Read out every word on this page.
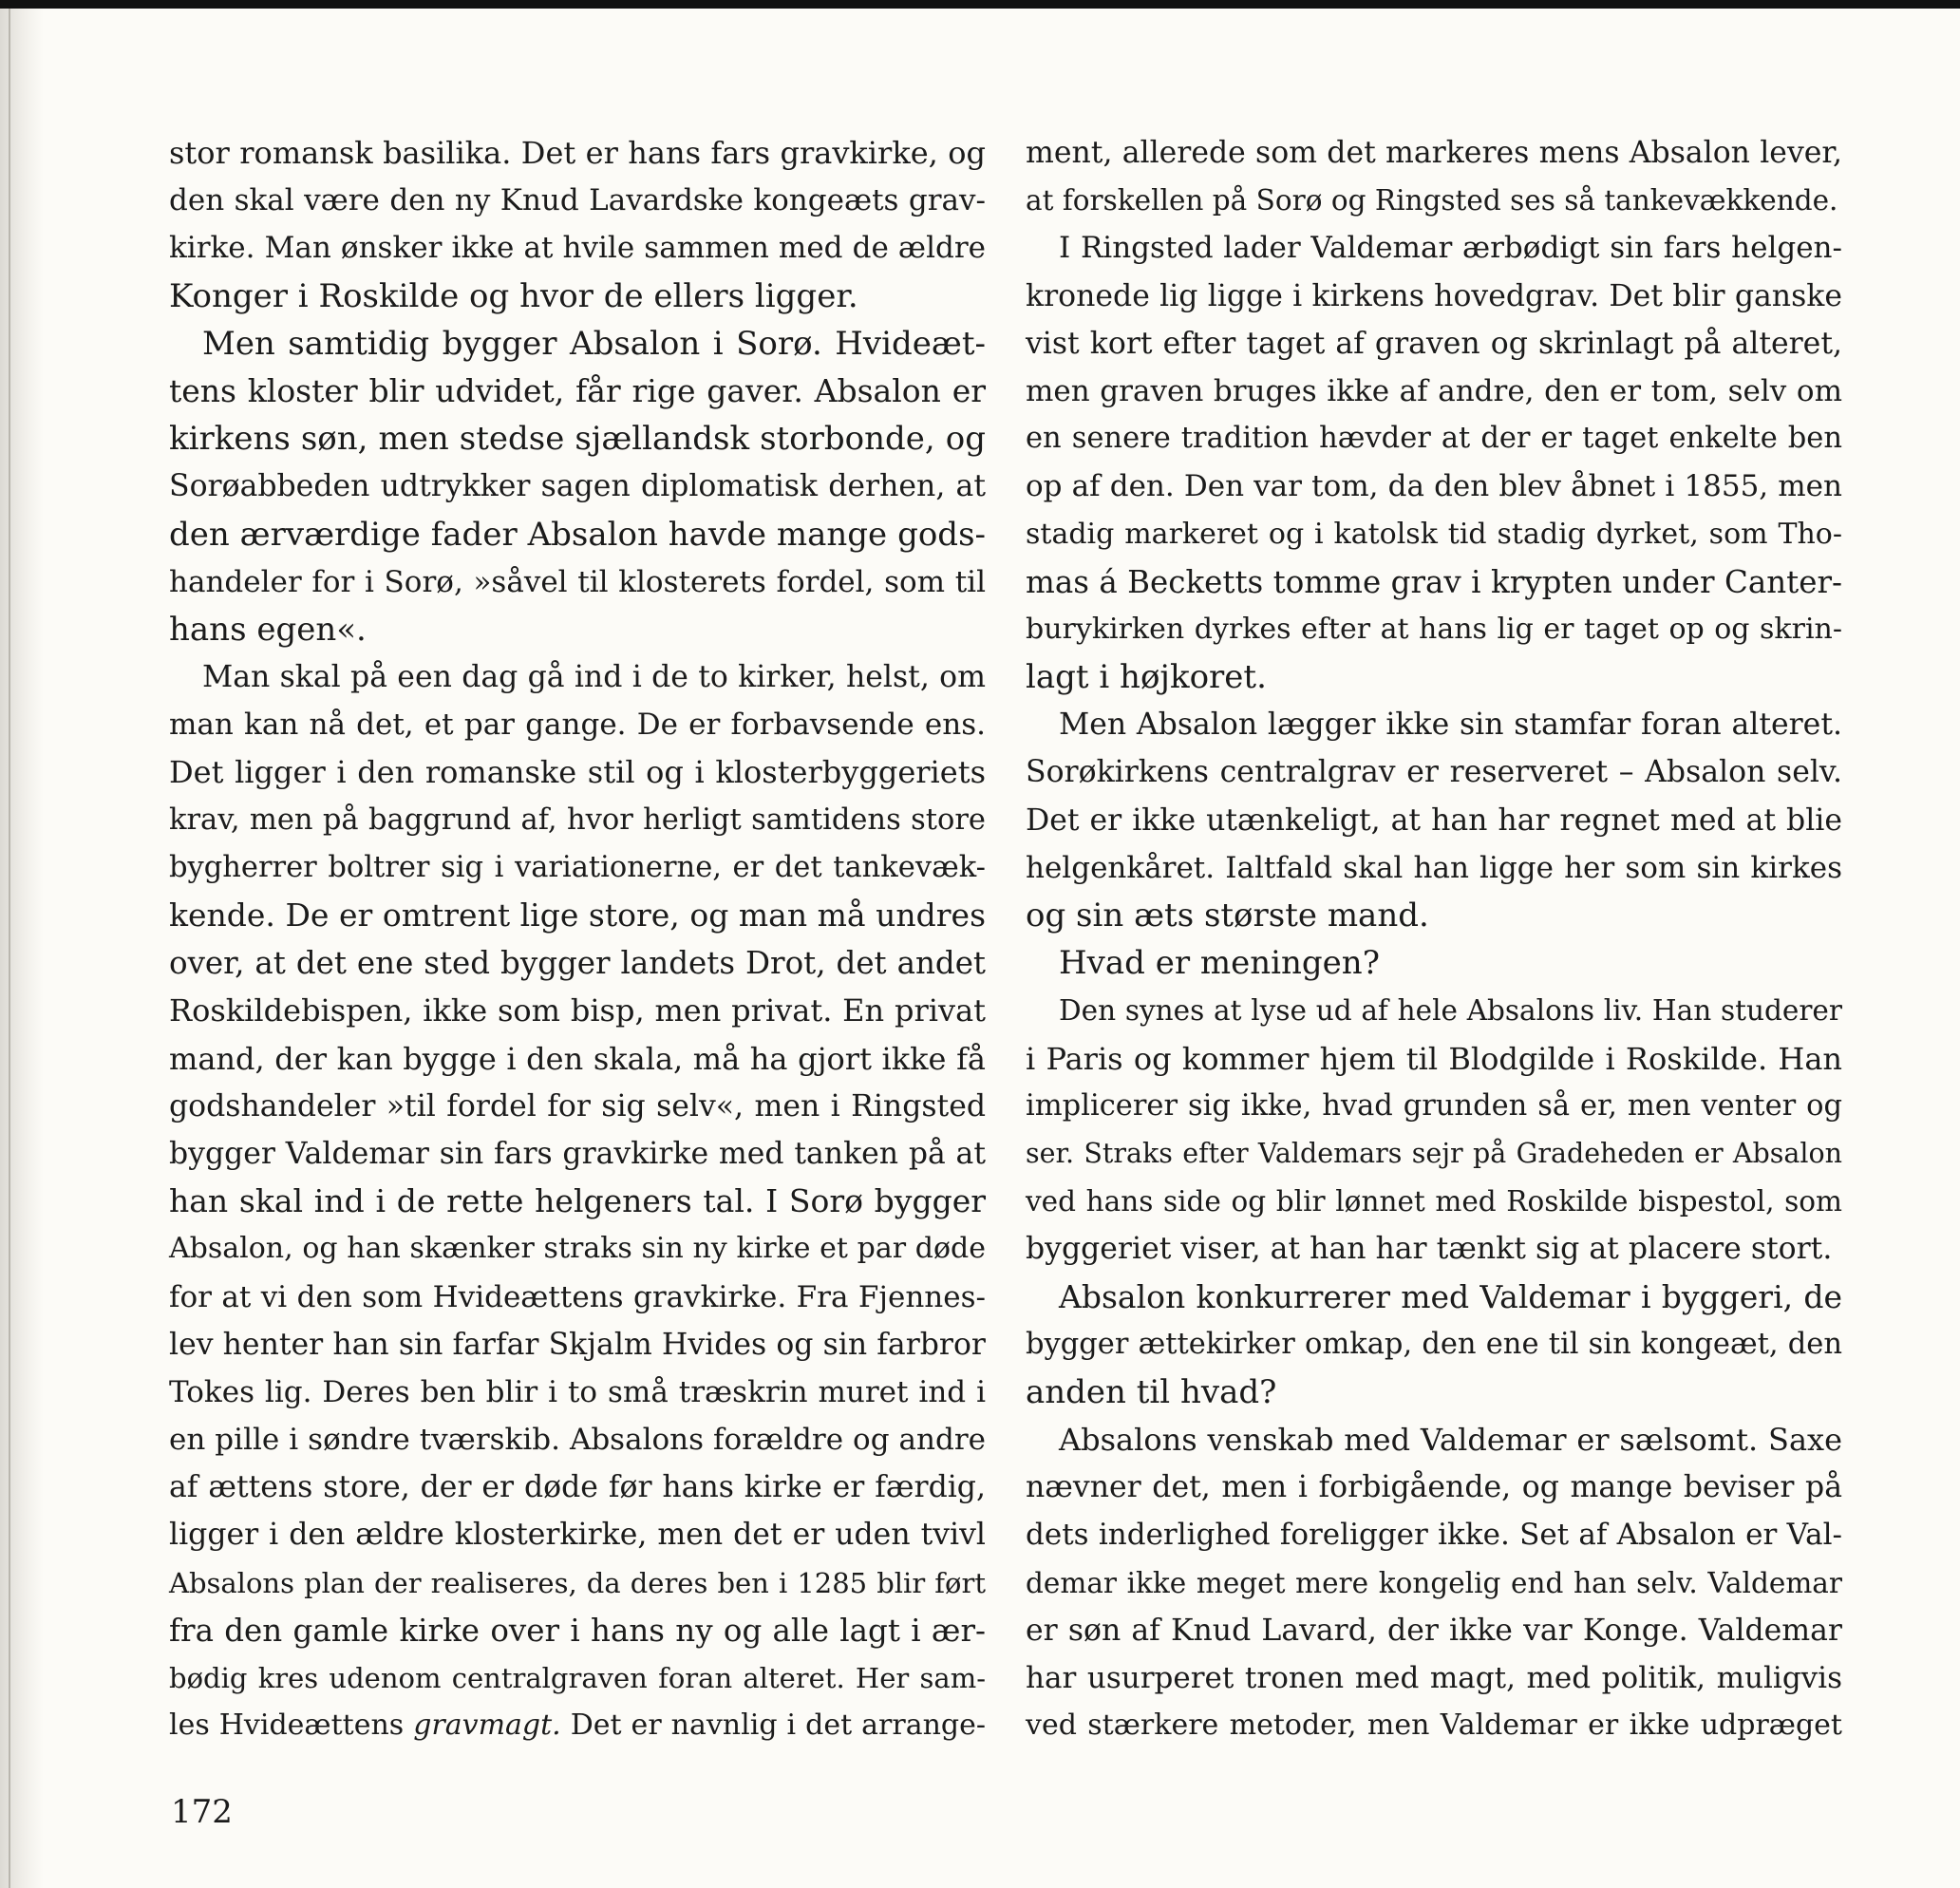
stor romansk basilika. Det er hans fars gravkirke, og
den skal være den ny Knud Lavardske kongeæts grav-
kirke. Man ønsker ikke at hvile sammen med de ældre
Konger i Roskilde og hvor de ellers ligger.
Men samtidig bygger Absalon i Sorø. Hvideæt-
tens kloster blir udvidet, får rige gaver. Absalon er
kirkens søn, men stedse sjællandsk storbonde, og
Sorøabbeden udtrykker sagen diplomatisk derhen, at
den ærværdige fader Absalon havde mange gods-
handeler for i Sorø, »såvel til klosterets fordel, som til
hans egen«.
Man skal på een dag gå ind i de to kirker, helst, om
man kan nå det, et par gange. De er forbavsende ens.
Det ligger i den romanske stil og i klosterbyggeriets
krav, men på baggrund af, hvor herligt samtidens store
bygherrer boltrer sig i variationerne, er det tankevæk-
kende. De er omtrent lige store, og man må undres
over, at det ene sted bygger landets Drot, det andet
Roskildebispen, ikke som bisp, men privat. En privat
mand, der kan bygge i den skala, må ha gjort ikke få
godshandeler »til fordel for sig selv«, men i Ringsted
bygger Valdemar sin fars gravkirke med tanken på at
han skal ind i de rette helgeners tal. I Sorø bygger
Absalon, og han skænker straks sin ny kirke et par døde
for at vi den som Hvideættens gravkirke. Fra Fjennes-
lev henter han sin farfar Skjalm Hvides og sin farbror
Tokes lig. Deres ben blir i to små træskrin muret ind i
en pille i søndre tværskib. Absalons forældre og andre
af ættens store, der er døde før hans kirke er færdig,
ligger i den ældre klosterkirke, men det er uden tvivl
Absalons plan der realiseres, da deres ben i 1285 blir ført
fra den gamle kirke over i hans ny og alle lagt i ær-
bødig kres udenom centralgraven foran alteret. Her sam-
les Hvideættens gravmagt. Det er navnlig i det arrange-
ment, allerede som det markeres mens Absalon lever,
at forskellen på Sorø og Ringsted ses så tankevækkende.
I Ringsted lader Valdemar ærbødigt sin fars helgen-
kronede lig ligge i kirkens hovedgrav. Det blir ganske
vist kort efter taget af graven og skrinlagt på alteret,
men graven bruges ikke af andre, den er tom, selv om
en senere tradition hævder at der er taget enkelte ben
op af den. Den var tom, da den blev åbnet i 1855, men
stadig markeret og i katolsk tid stadig dyrket, som Tho-
mas á Becketts tomme grav i krypten under Canter-
burykirken dyrkes efter at hans lig er taget op og skrin-
lagt i højkoret.
Men Absalon lægger ikke sin stamfar foran alteret.
Sorøkirkens centralgrav er reserveret – Absalon selv.
Det er ikke utænkeligt, at han har regnet med at blie
helgenkåret. Ialtfald skal han ligge her som sin kirkes
og sin æts største mand.
Hvad er meningen?
Den synes at lyse ud af hele Absalons liv. Han studerer
i Paris og kommer hjem til Blodgilde i Roskilde. Han
implicerer sig ikke, hvad grunden så er, men venter og
ser. Straks efter Valdemars sejr på Gradeheden er Absalon
ved hans side og blir lønnet med Roskilde bispestol, som
byggeriet viser, at han har tænkt sig at placere stort.
Absalon konkurrerer med Valdemar i byggeri, de
bygger ættekirker omkap, den ene til sin kongeæt, den
anden til hvad?
Absalons venskab med Valdemar er sælsomt. Saxe
nævner det, men i forbigående, og mange beviser på
dets inderlighed foreligger ikke. Set af Absalon er Val-
demar ikke meget mere kongelig end han selv. Valdemar
er søn af Knud Lavard, der ikke var Konge. Valdemar
har usurperet tronen med magt, med politik, muligvis
ved stærkere metoder, men Valdemar er ikke udpræget
172
